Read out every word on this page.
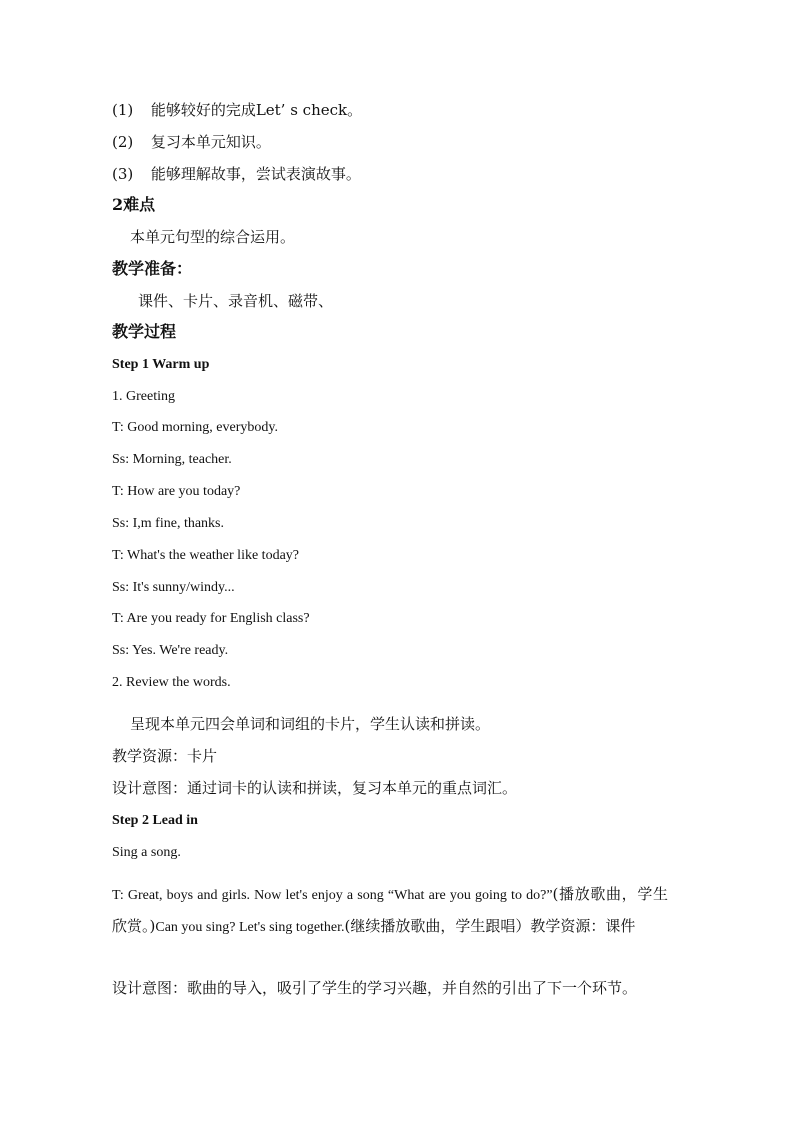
(1) 能够较好的完成Let’ s check。
(2) 复习本单元知识。
(3) 能够理解故事，尝试表演故事。
2难点
本单元句型的综合运用。
教学准备：
课件、卡片、录音机、磁带、
教学过程
Step 1 Warm up
1. Greeting
T: Good morning, everybody.
Ss: Morning, teacher.
T: How are you today?
Ss: I,m fine, thanks.
T: What's the weather like today?
Ss: It's sunny/windy...
T: Are you ready for English class?
Ss: Yes. We're ready.
2. Review the words.
呈现本单元四会单词和词组的卡片，学生认读和拼读。
教学资源：卡片
设计意图：通过词卡的认读和拼读，复习本单元的重点词汇。
Step 2 Lead in
Sing a song.
T: Great, boys and girls. Now let's enjoy a song “What are you going to do?”(播放歌曲，学生欣赏。)Can you sing? Let's sing together.(继续播放歌曲，学生跟唱）教学资源：课件
设计意图：歌曲的导入，吸引了学生的学习兴趣，并自然的引出了下一个环节。
